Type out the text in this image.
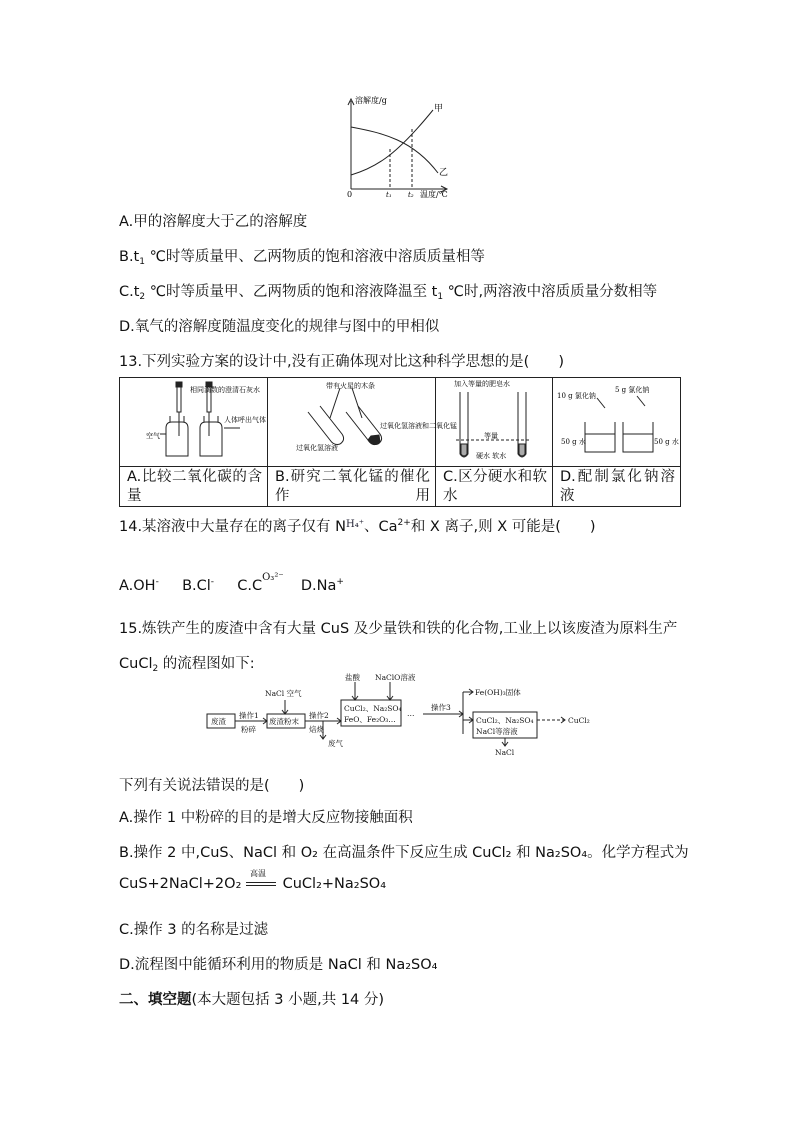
溶解度/g
甲
乙
0	t₁ t₂ 温度/℃
A.甲的溶解度大于乙的溶解度
$B.t_1$ ℃时等质量甲、乙两物质的饱和溶液中溶质质量相等
$C.t_2$ ℃时等质量甲、乙两物质的饱和溶液降温至 $t_1$ ℃时,两溶液中溶质质量分数相等
D.氧气的溶解度随温度变化的规律与图中的甲相似
13.下列实验方案的设计中,没有正确体现对比这种科学思想的是(　　)
相同滴数的澄清石灰水
空气
人体呼出气体	带有火星的木条
过氧化氢溶液
过氧化氢溶液和二氧化锰	加入等量的肥皂水
等量
硬水 软水	10 g 氯化钠
5 g 氯化钠
50 g 水 50 g 水

A.比较二氧化碳的含量	B.研究二氧化锰的催化作用	C.区分硬水和软水	D.配制氯化钠溶液
14.某溶液中大量存在的离子仅有 $N^{H_4^+}$、$Ca^{2+}$和 X 离子,则 X 可能是(　　)
A.OH- B.Cl- $C.C^{O_3^{2-}}$  D.Na+
15.炼铁产生的废渣中含有大量 CuS 及少量铁和铁的化合物,工业上以该废渣为原料生产
CuCl$_2$ 的流程图如下:
废渣
操作1
粉碎
废渣粉末
NaCl 空气
操作2
焙烧
废气
盐酸 NaClO溶液
CuCl₂、Na₂SO₄
FeO、Fe₂O₃…
…
操作3
Fe(OH)₃固体
CuCl₂、Na₂SO₄
NaCl等溶液
NaCl
CuCl₂
下列有关说法错误的是(　　)
A.操作 1 中粉碎的目的是增大反应物接触面积
B.操作 2 中,CuS、NaCl 和 O₂ 在高温条件下反应生成 CuCl₂ 和 Na₂SO₄。化学方程式为
CuS+2NaCl+2O₂
高温
CuCl₂+Na₂SO₄
C.操作 3 的名称是过滤
D.流程图中能循环利用的物质是 NaCl 和 Na₂SO₄
二、填空题(本大题包括 3 小题,共 14 分)
